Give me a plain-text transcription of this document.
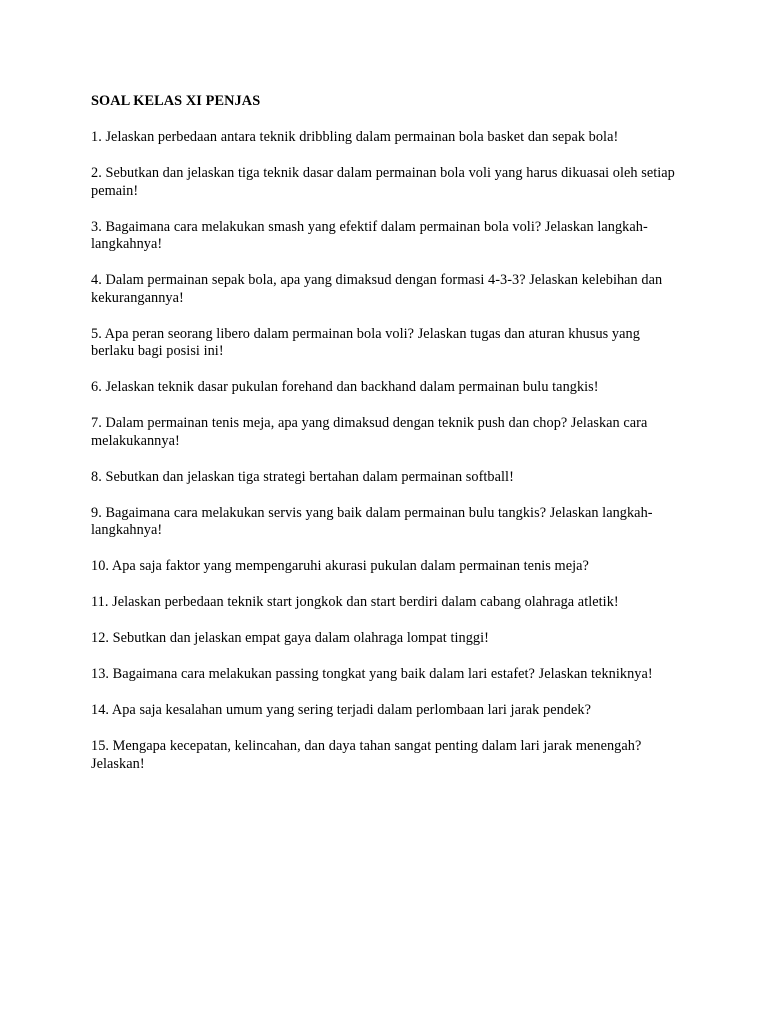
SOAL KELAS XI PENJAS
1. Jelaskan perbedaan antara teknik dribbling dalam permainan bola basket dan sepak bola!
2. Sebutkan dan jelaskan tiga teknik dasar dalam permainan bola voli yang harus dikuasai oleh setiap pemain!
3. Bagaimana cara melakukan smash yang efektif dalam permainan bola voli? Jelaskan langkah-langkahnya!
4. Dalam permainan sepak bola, apa yang dimaksud dengan formasi 4-3-3? Jelaskan kelebihan dan kekurangannya!
5. Apa peran seorang libero dalam permainan bola voli? Jelaskan tugas dan aturan khusus yang berlaku bagi posisi ini!
6. Jelaskan teknik dasar pukulan forehand dan backhand dalam permainan bulu tangkis!
7. Dalam permainan tenis meja, apa yang dimaksud dengan teknik push dan chop? Jelaskan cara melakukannya!
8. Sebutkan dan jelaskan tiga strategi bertahan dalam permainan softball!
9. Bagaimana cara melakukan servis yang baik dalam permainan bulu tangkis? Jelaskan langkah-langkahnya!
10. Apa saja faktor yang mempengaruhi akurasi pukulan dalam permainan tenis meja?
11. Jelaskan perbedaan teknik start jongkok dan start berdiri dalam cabang olahraga atletik!
12. Sebutkan dan jelaskan empat gaya dalam olahraga lompat tinggi!
13. Bagaimana cara melakukan passing tongkat yang baik dalam lari estafet? Jelaskan tekniknya!
14. Apa saja kesalahan umum yang sering terjadi dalam perlombaan lari jarak pendek?
15. Mengapa kecepatan, kelincahan, dan daya tahan sangat penting dalam lari jarak menengah? Jelaskan!
